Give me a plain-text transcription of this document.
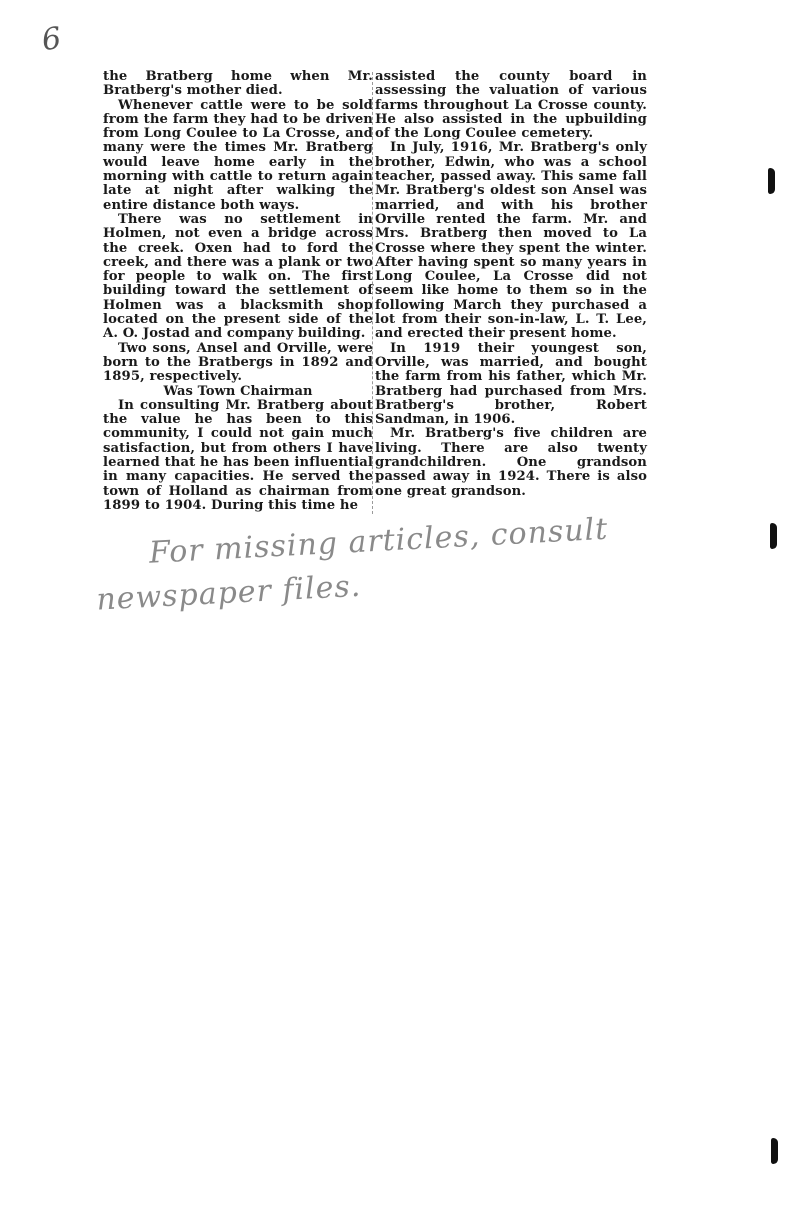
6

the Bratberg home when Mr. Bratberg's mother died.

Whenever cattle were to be sold from the farm they had to be driven from Long Coulee to La Crosse, and many were the times Mr. Bratberg would leave home early in the morning with cattle to return again late at night after walking the entire distance both ways.

There was no settlement in Holmen, not even a bridge across the creek. Oxen had to ford the creek, and there was a plank or two for people to walk on. The first building toward the settlement of Holmen was a blacksmith shop located on the present side of the A. O. Jostad and company building.

Two sons, Ansel and Orville, were born to the Bratbergs in 1892 and 1895, respectively.

Was Town Chairman

In consulting Mr. Bratberg about the value he has been to this community, I could not gain much satisfaction, but from others I have learned that he has been influential in many capacities. He served the town of Holland as chairman from 1899 to 1904. During this time he

assisted the county board in assessing the valuation of various farms throughout La Crosse county. He also assisted in the upbuilding of the Long Coulee cemetery.

In July, 1916, Mr. Bratberg's only brother, Edwin, who was a school teacher, passed away. This same fall Mr. Bratberg's oldest son Ansel was married, and with his brother Orville rented the farm. Mr. and Mrs. Bratberg then moved to La Crosse where they spent the winter. After having spent so many years in Long Coulee, La Crosse did not seem like home to them so in the following March they purchased a lot from their son-in-law, L. T. Lee, and erected their present home.

In 1919 their youngest son, Orville, was married, and bought the farm from his father, which Mr. Bratberg had purchased from Mrs. Bratberg's brother, Robert Sandman, in 1906.

Mr. Bratberg's five children are living. There are also twenty grandchildren. One grandson passed away in 1924. There is also one great grandson.

For missing articles, consult
newspaper files.
